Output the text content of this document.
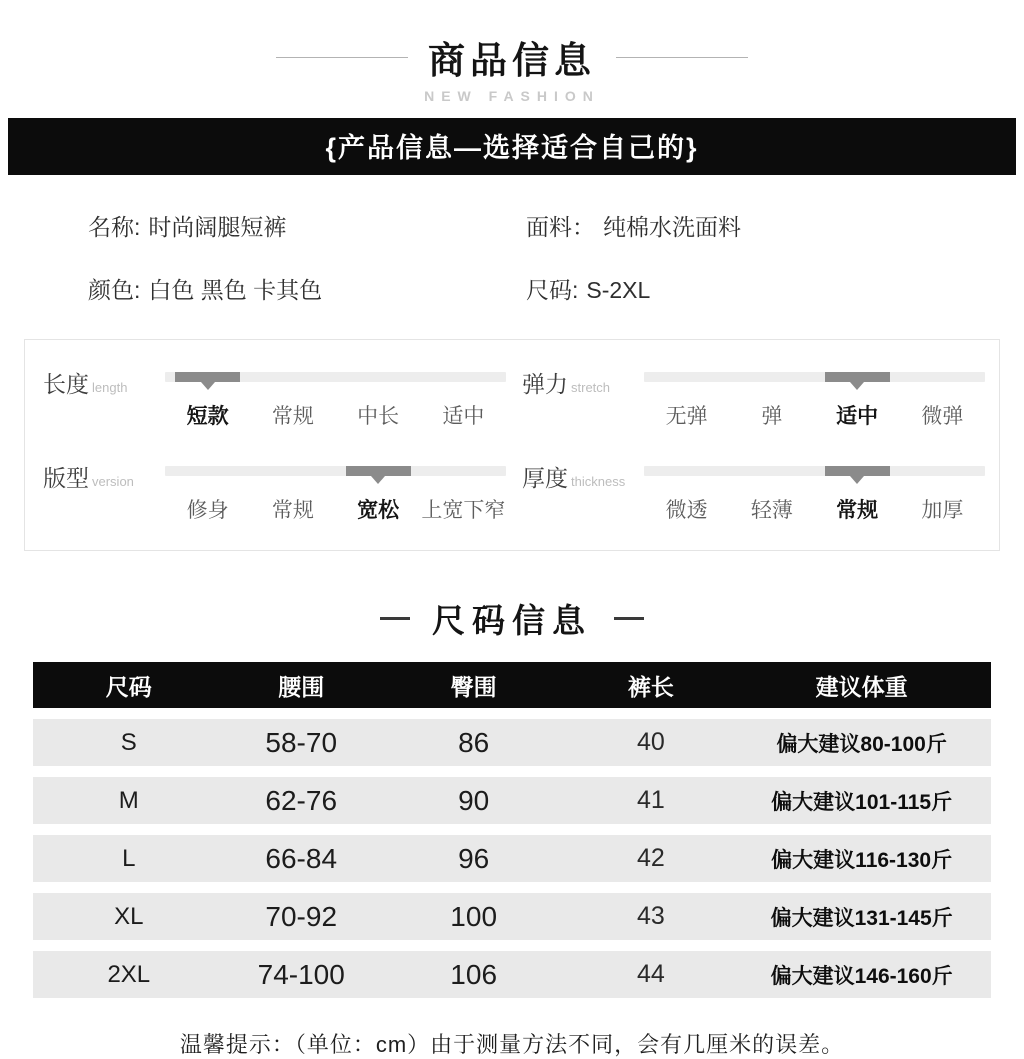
商品信息
NEW FASHION
{产品信息—选择适合自己的}
名称: 时尚阔腿短裤	面料： 纯棉水洗面料
颜色: 白色 黑色 卡其色	尺码: S-2XL
长度 length
短款	常规	中长	适中
弹力 stretch
无弹	弹	适中	微弹
版型 version
修身	常规	宽松	上宽下窄
厚度 thickness
微透	轻薄	常规	加厚
尺码信息
尺码	腰围	臀围	裤长	建议体重
S	58-70	86	40	偏大建议80-100斤
M	62-76	90	41	偏大建议101-115斤
L	66-84	96	42	偏大建议116-130斤
XL	70-92	100	43	偏大建议131-145斤
2XL	74-100	106	44	偏大建议146-160斤
温馨提示：（单位：cm）由于测量方法不同，会有几厘米的误差。
